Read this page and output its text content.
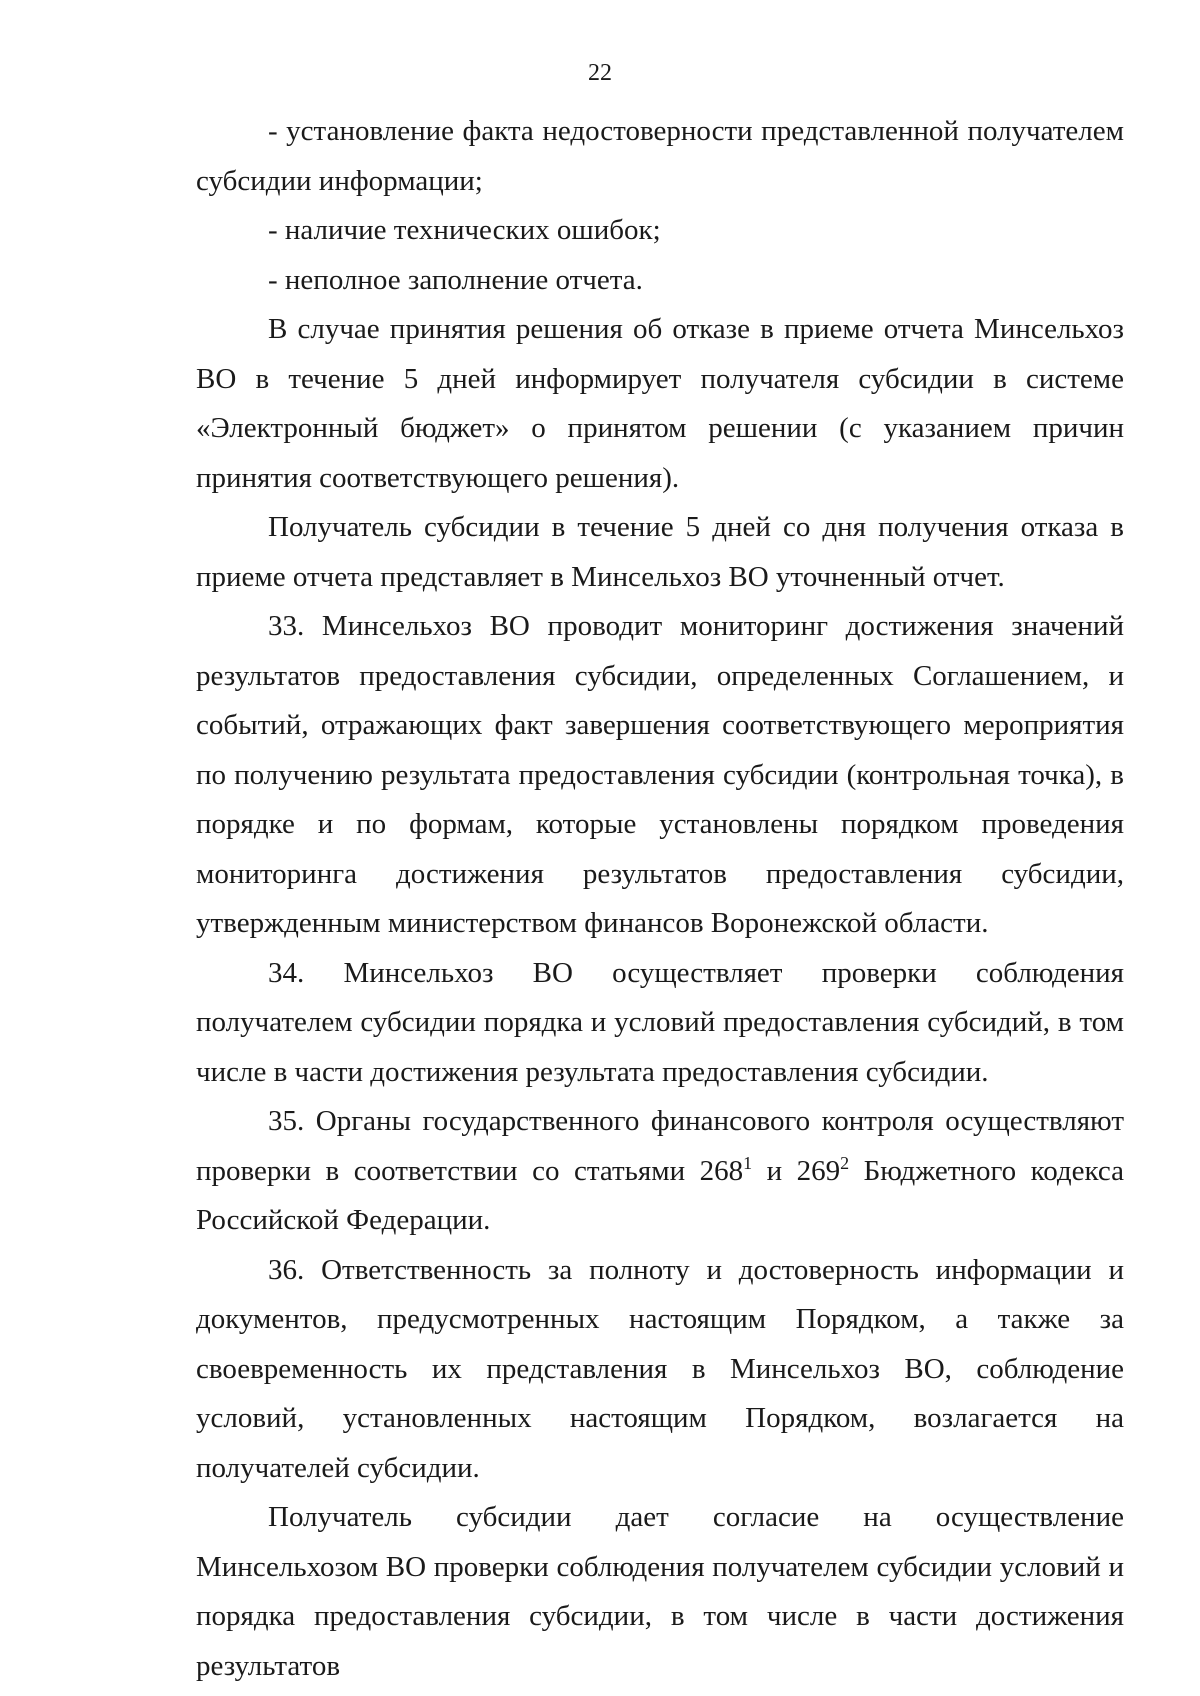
22

- установление факта недостоверности представленной получателем субсидии информации;

- наличие технических ошибок;

- неполное заполнение отчета.

В случае принятия решения об отказе в приеме отчета Минсельхоз ВО в течение 5 дней информирует получателя субсидии в системе «Электронный бюджет» о принятом решении (с указанием причин принятия соответствующего решения).

Получатель субсидии в течение 5 дней со дня получения отказа в приеме отчета представляет в Минсельхоз ВО уточненный отчет.

33. Минсельхоз ВО проводит мониторинг достижения значений результатов предоставления субсидии, определенных Соглашением, и событий, отражающих факт завершения соответствующего мероприятия по получению результата предоставления субсидии (контрольная точка), в порядке и по формам, которые установлены порядком проведения мониторинга достижения результатов предоставления субсидии, утвержденным министерством финансов Воронежской области.

34. Минсельхоз ВО осуществляет проверки соблюдения получателем субсидии порядка и условий предоставления субсидий, в том числе в части достижения результата предоставления субсидии.

35. Органы государственного финансового контроля осуществляют проверки в соответствии со статьями $268^1$ и $269^2$ Бюджетного кодекса Российской Федерации.

36. Ответственность за полноту и достоверность информации и документов, предусмотренных настоящим Порядком, а также за своевременность их представления в Минсельхоз ВО, соблюдение условий, установленных настоящим Порядком, возлагается на получателей субсидии.

Получатель субсидии дает согласие на осуществление Минсельхозом ВО проверки соблюдения получателем субсидии условий и порядка предоставления субсидии, в том числе в части достижения результатов
